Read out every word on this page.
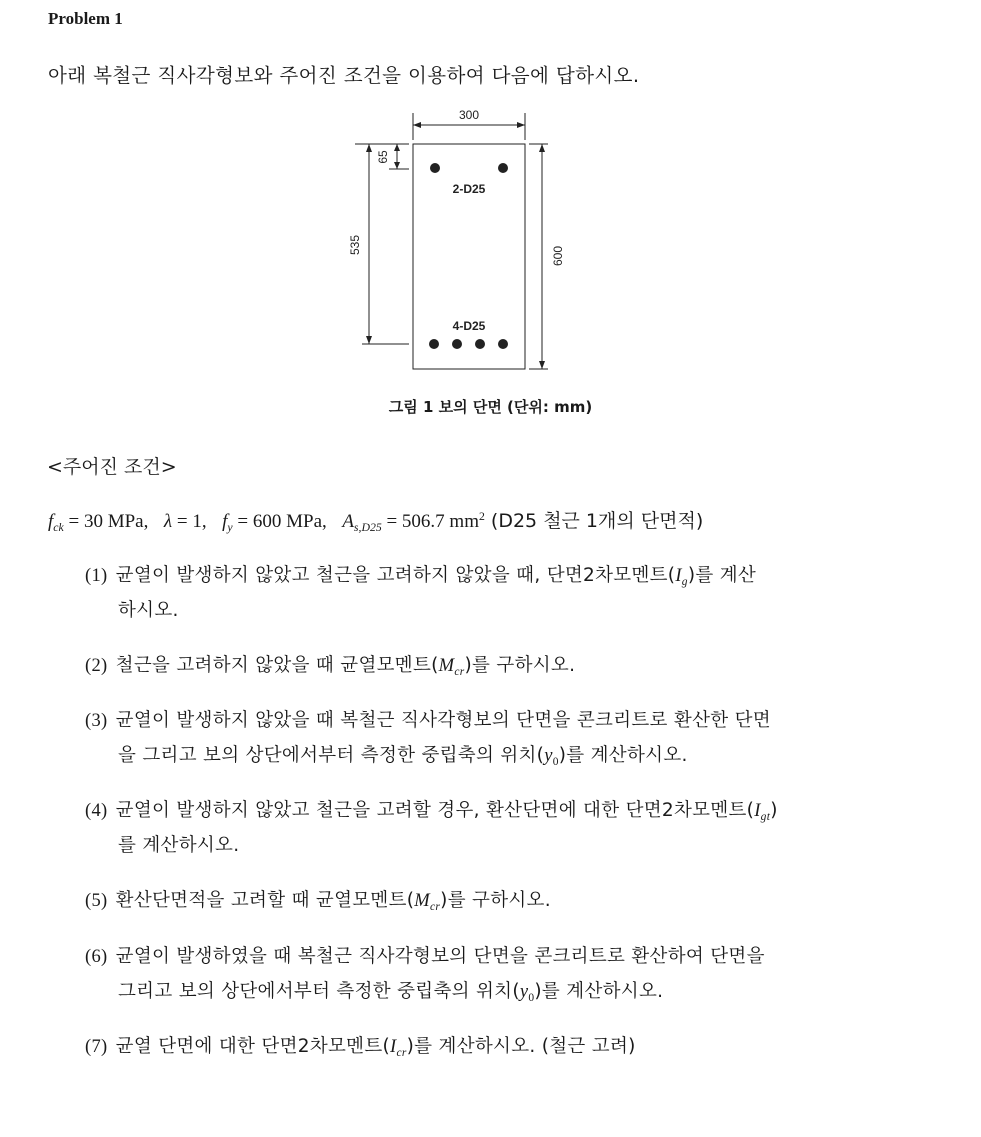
Problem 1
아래 복철근 직사각형보와 주어진 조건을 이용하여 다음에 답하시오.
300
600
65
535
2-D25
4-D25
그림 1 보의 단면 (단위: mm)
<주어진 조건>
$f_{ck} = 30$ MPa,   λ = 1,   $f_y = 600$ MPa,   $A_{s,D25} = 506.7$ $mm^2$ (D25 철근 1개의 단면적)
(1) 균열이 발생하지 않았고 철근을 고려하지 않았을 때, 단면2차모멘트$(I_g)$를 계산
하시오.
(2) 철근을 고려하지 않았을 때 균열모멘트$(M_{cr})$를 구하시오.
(3) 균열이 발생하지 않았을 때 복철근 직사각형보의 단면을 콘크리트로 환산한 단면
을 그리고 보의 상단에서부터 측정한 중립축의 위치$(y_0)$를 계산하시오.
(4) 균열이 발생하지 않았고 철근을 고려할 경우, 환산단면에 대한 단면2차모멘트$(I_{gt})$
를 계산하시오.
(5) 환산단면적을 고려할 때 균열모멘트$(M_{cr})$를 구하시오.
(6) 균열이 발생하였을 때 복철근 직사각형보의 단면을 콘크리트로 환산하여 단면을
그리고 보의 상단에서부터 측정한 중립축의 위치$(y_0)$를 계산하시오.
(7) 균열 단면에 대한 단면2차모멘트$(I_{cr})$를 계산하시오. (철근 고려)
